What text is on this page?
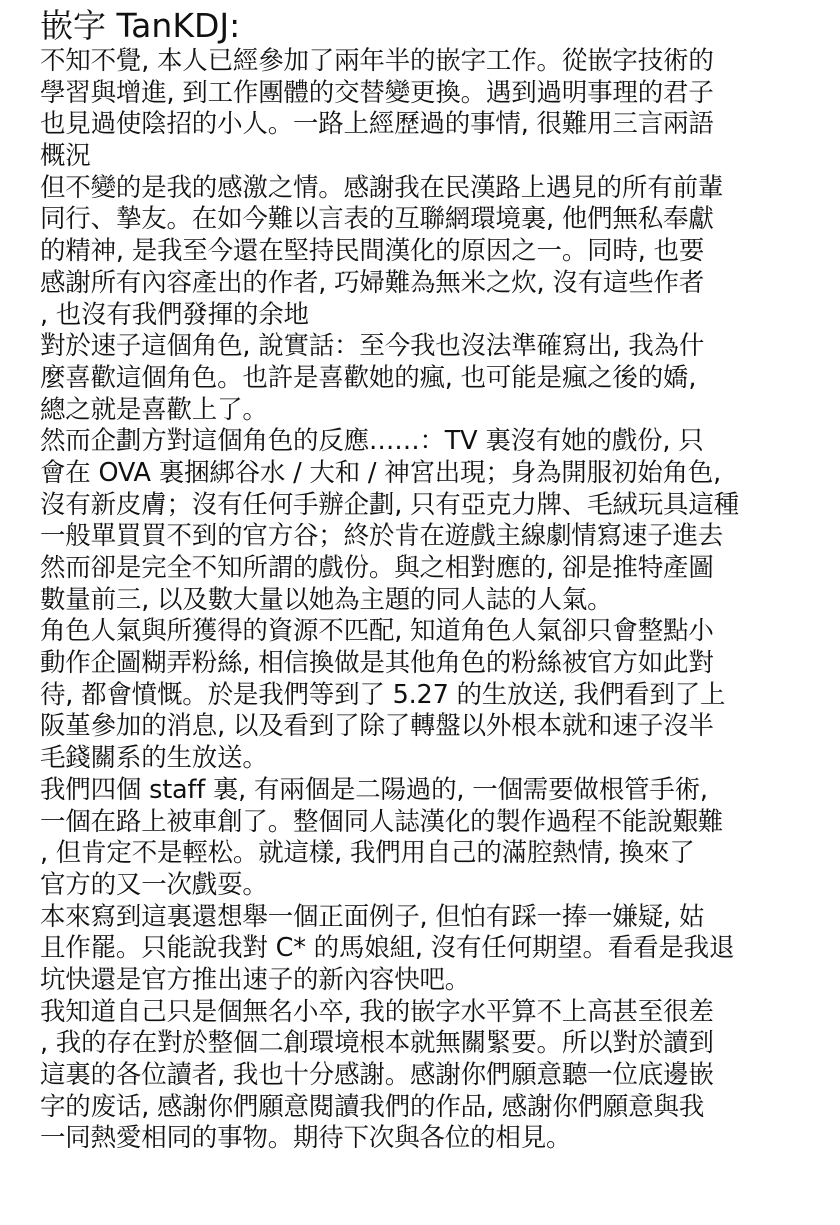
嵌字 TanKDJ:
不知不覺, 本人已經參加了兩年半的嵌字工作。從嵌字技術的
學習與增進, 到工作團體的交替變更換。遇到過明事理的君子
也見過使陰招的小人。一路上經歷過的事情, 很難用三言兩語
概況
但不變的是我的感激之情。感謝我在民漢路上遇見的所有前輩
同行、摯友。在如今難以言表的互聯網環境裏, 他們無私奉獻
的精神, 是我至今還在堅持民間漢化的原因之一。同時, 也要
感謝所有內容產出的作者, 巧婦難為無米之炊, 沒有這些作者
, 也沒有我們發揮的余地
對於速子這個角色, 說實話：至今我也沒法準確寫出, 我為什
麼喜歡這個角色。也許是喜歡她的瘋, 也可能是瘋之後的嬌,
總之就是喜歡上了。
然而企劃方對這個角色的反應……：TV 裏沒有她的戲份, 只
會在 OVA 裏捆綁谷水 / 大和 / 神宮出現；身為開服初始角色,
沒有新皮膚；沒有任何手辦企劃, 只有亞克力牌、毛絨玩具這種
一般單買買不到的官方谷；終於肯在遊戲主線劇情寫速子進去
然而卻是完全不知所謂的戲份。與之相對應的, 卻是推特產圖
數量前三, 以及數大量以她為主題的同人誌的人氣。
角色人氣與所獲得的資源不匹配, 知道角色人氣卻只會整點小
動作企圖糊弄粉絲, 相信換做是其他角色的粉絲被官方如此對
待, 都會憤慨。於是我們等到了 5.27 的生放送, 我們看到了上
阪堇參加的消息, 以及看到了除了轉盤以外根本就和速子沒半
毛錢關系的生放送。
我們四個 staff 裏, 有兩個是二陽過的, 一個需要做根管手術,
一個在路上被車創了。整個同人誌漢化的製作過程不能說艱難
, 但肯定不是輕松。就這樣, 我們用自己的滿腔熱情, 換來了
官方的又一次戲耍。
本來寫到這裏還想舉一個正面例子, 但怕有踩一捧一嫌疑, 姑
且作罷。只能說我對 C* 的馬娘組, 沒有任何期望。看看是我退
坑快還是官方推出速子的新內容快吧。
我知道自己只是個無名小卒, 我的嵌字水平算不上高甚至很差
, 我的存在對於整個二創環境根本就無關緊要。所以對於讀到
這裏的各位讀者, 我也十分感謝。感謝你們願意聽一位底邊嵌
字的废话, 感謝你們願意閱讀我們的作品, 感謝你們願意與我
一同熱愛相同的事物。期待下次與各位的相見。
